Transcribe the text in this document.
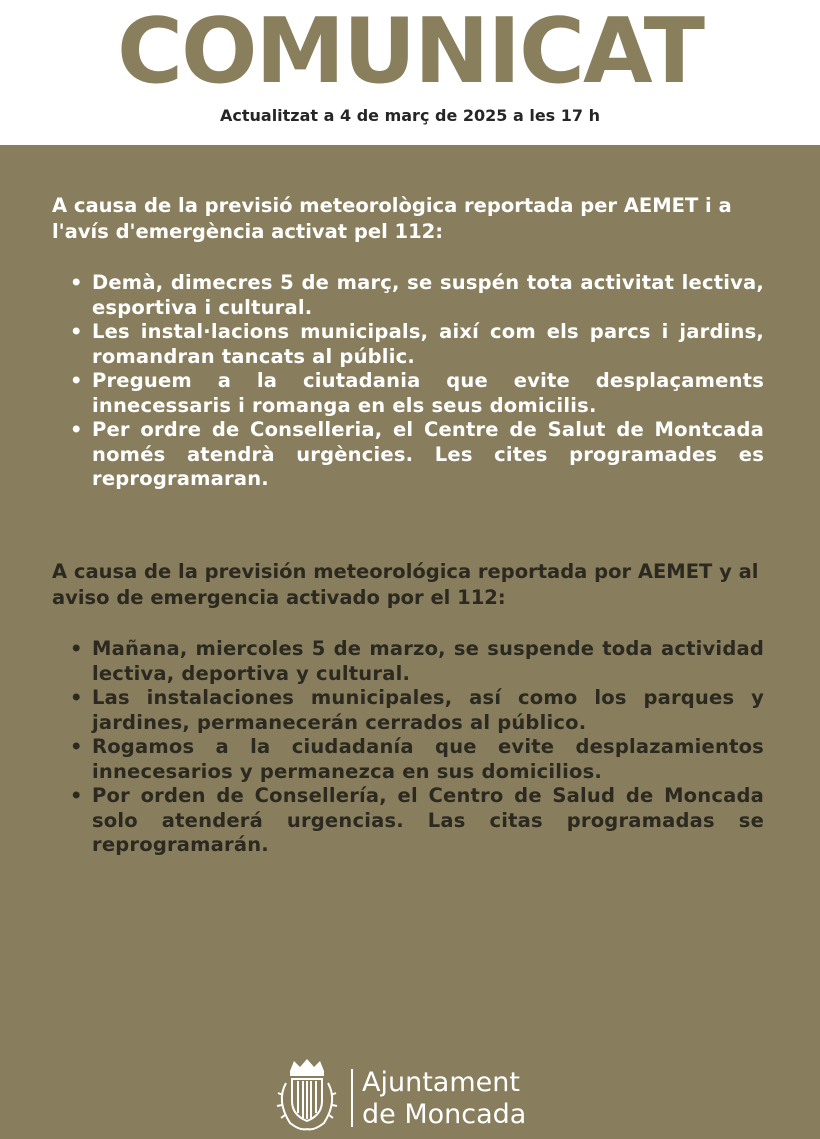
COMUNICAT
Actualitzat a 4 de març de 2025 a les 17 h

A causa de la previsió meteorològica reportada per AEMET i a l'avís d'emergència activat pel 112:

• Demà, dimecres 5 de març, se suspén tota activitat lectiva, esportiva i cultural.
• Les instal·lacions municipals, així com els parcs i jardins, romandran tancats al públic.
• Preguem a la ciutadania que evite desplaçaments innecessaris i romanga en els seus domicilis.
• Per ordre de Conselleria, el Centre de Salut de Montcada només atendrà urgències. Les cites programades es reprogramaran.

A causa de la previsión meteorológica reportada por AEMET y al aviso de emergencia activado por el 112:

• Mañana, miercoles 5 de marzo, se suspende toda actividad lectiva, deportiva y cultural.
• Las instalaciones municipales, así como los parques y jardines, permanecerán cerrados al público.
• Rogamos a la ciudadanía que evite desplazamientos innecesarios y permanezca en sus domicilios.
• Por orden de Consellería, el Centro de Salud de Moncada solo atenderá urgencias. Las citas programadas se reprogramarán.
Ajuntament
de Moncada
